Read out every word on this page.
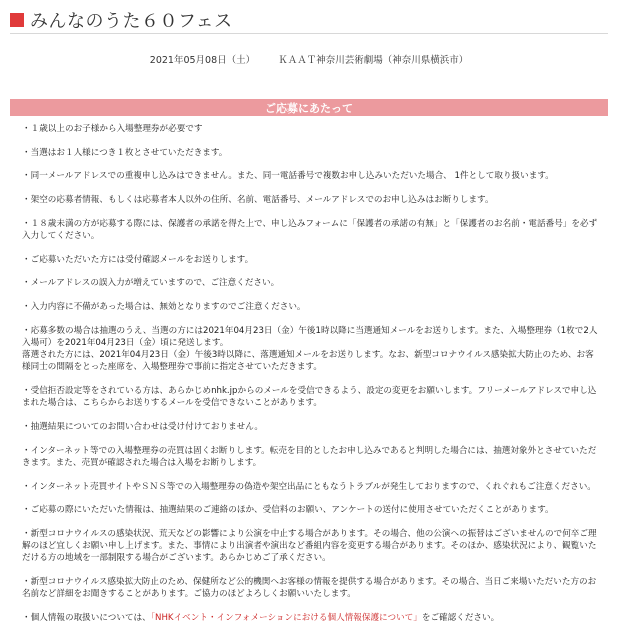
みんなのうた６０フェス
2021年05月08日（土） ＫＡＡＴ神奈川芸術劇場（神奈川県横浜市）
ご応募にあたって
・１歳以上のお子様から入場整理券が必要です
・当選はお１人様につき１枚とさせていただきます。
・同一メールアドレスでの重複申し込みはできません。また、同一電話番号で複数お申し込みいただいた場合、 1件として取り扱います。
・架空の応募者情報、もしくは応募者本人以外の住所、名前、電話番号、メールアドレスでのお申し込みはお断りします。
・１８歳未満の方が応募する際には、保護者の承諾を得た上で、申し込みフォームに「保護者の承諾の有無」と「保護者のお名前・電話番号」を必ず入力してください。
・ご応募いただいた方には受付確認メールをお送りします。
・メールアドレスの誤入力が増えていますので、ご注意ください。
・入力内容に不備があった場合は、無効となりますのでご注意ください。
・応募多数の場合は抽選のうえ、当選の方には2021年04月23日（金）午後1時以降に当選通知メールをお送りします。また、入場整理券（1枚で2人入場可）を2021年04月23日（金）頃に発送します。
落選された方には、2021年04月23日（金）午後3時以降に、落選通知メールをお送りします。なお、新型コロナウイルス感染拡大防止のため、お客様同士の間隔をとった座席を、入場整理券で事前に指定させていただきます。
・受信拒否設定等をされている方は、あらかじめnhk.jpからのメールを受信できるよう、設定の変更をお願いします。フリーメールアドレスで申し込まれた場合は、こちらからお送りするメールを受信できないことがあります。
・抽選結果についてのお問い合わせは受け付けておりません。
・インターネット等での入場整理券の売買は固くお断りします。転売を目的としたお申し込みであると判明した場合には、抽選対象外とさせていただきます。また、売買が確認された場合は入場をお断りします。
・インターネット売買サイトやＳＮＳ等での入場整理券の偽造や架空出品にともなうトラブルが発生しておりますので、くれぐれもご注意ください。
・ご応募の際にいただいた情報は、抽選結果のご連絡のほか、受信料のお願い、アンケートの送付に使用させていただくことがあります。
・新型コロナウイルスの感染状況、荒天などの影響により公演を中止する場合があります。その場合、他の公演への振替はございませんので何卒ご理解のほど宜しくお願い申し上げます。また、事情により出演者や演出など番組内容を変更する場合があります。そのほか、感染状況により、観覧いただける方の地域を一部制限する場合がございます。あらかじめご了承ください。
・新型コロナウイルス感染拡大防止のため、保健所など公的機関へお客様の情報を提供する場合があります。その場合、当日ご来場いただいた方のお名前など詳細をお聞きすることがあります。ご協力のほどよろしくお願いいたします。
・個人情報の取扱いについては、「NHKイベント・インフォメーションにおける個人情報保護について」をご確認ください。
